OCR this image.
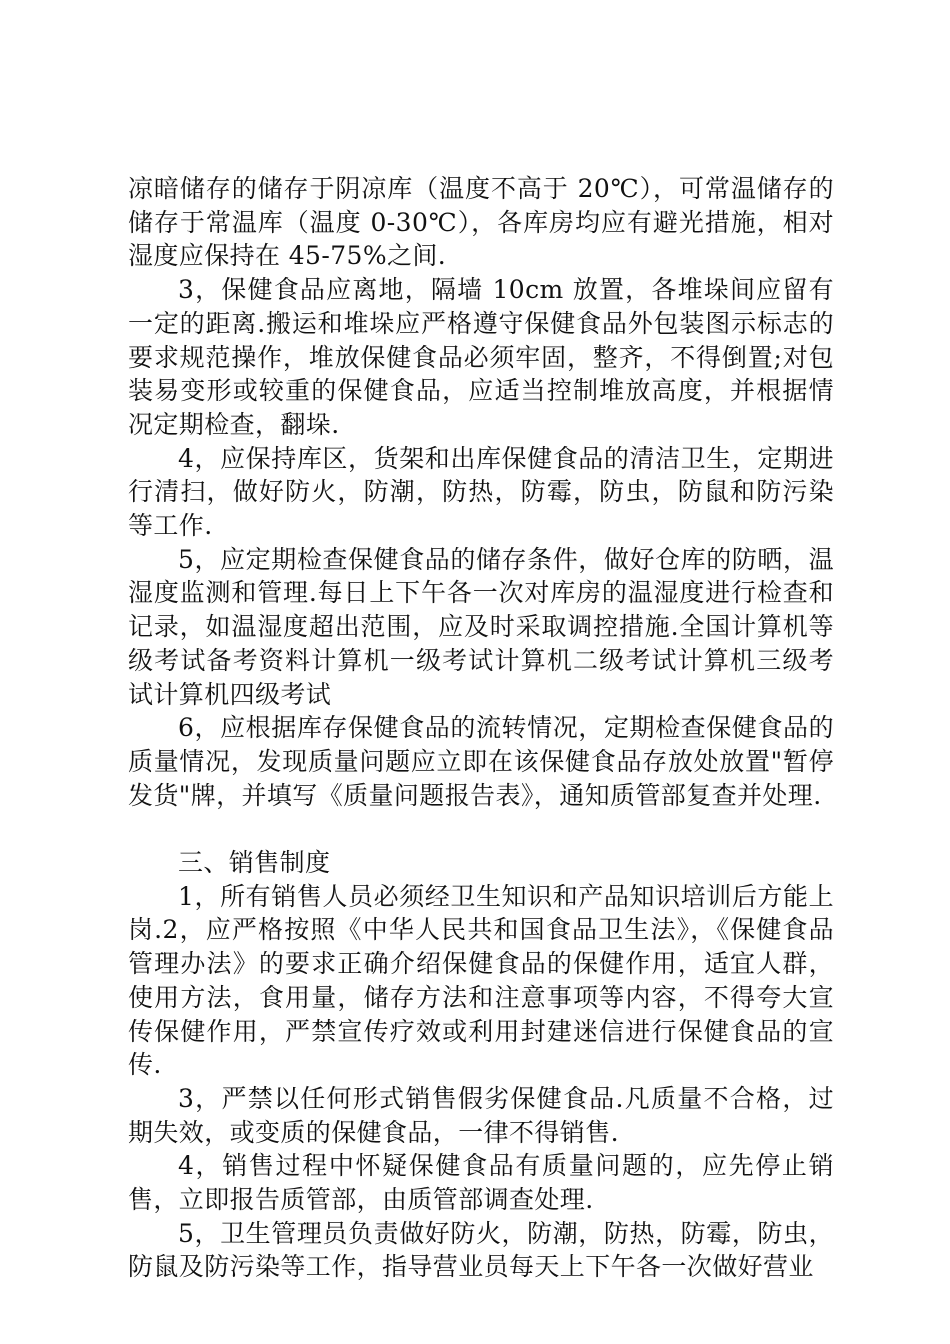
凉暗储存的储存于阴凉库（温度不高于 20℃），可常温储存的储存于常温库（温度 0-30℃），各库房均应有避光措施，相对湿度应保持在 45-75%之间.

3，保健食品应离地，隔墙 10cm 放置，各堆垛间应留有一定的距离.搬运和堆垛应严格遵守保健食品外包装图示标志的要求规范操作，堆放保健食品必须牢固，整齐，不得倒置;对包装易变形或较重的保健食品，应适当控制堆放高度，并根据情况定期检查，翻垛.

4，应保持库区，货架和出库保健食品的清洁卫生，定期进行清扫，做好防火，防潮，防热，防霉，防虫，防鼠和防污染等工作.

5，应定期检查保健食品的储存条件，做好仓库的防晒，温湿度监测和管理.每日上下午各一次对库房的温湿度进行检查和记录，如温湿度超出范围，应及时采取调控措施.全国计算机等级考试备考资料计算机一级考试计算机二级考试计算机三级考试计算机四级考试

6，应根据库存保健食品的流转情况，定期检查保健食品的质量情况，发现质量问题应立即在该保健食品存放处放置"暂停发货"牌，并填写《质量问题报告表》，通知质管部复查并处理.

三、销售制度

1，所有销售人员必须经卫生知识和产品知识培训后方能上岗.2，应严格按照《中华人民共和国食品卫生法》，《保健食品管理办法》的要求正确介绍保健食品的保健作用，适宜人群，使用方法，食用量，储存方法和注意事项等内容，不得夸大宣传保健作用，严禁宣传疗效或利用封建迷信进行保健食品的宣传.

3，严禁以任何形式销售假劣保健食品.凡质量不合格，过期失效，或变质的保健食品，一律不得销售.

4，销售过程中怀疑保健食品有质量问题的，应先停止销售，立即报告质管部，由质管部调查处理.

5，卫生管理员负责做好防火，防潮，防热，防霉，防虫，防鼠及防污染等工作，指导营业员每天上下午各一次做好营业
